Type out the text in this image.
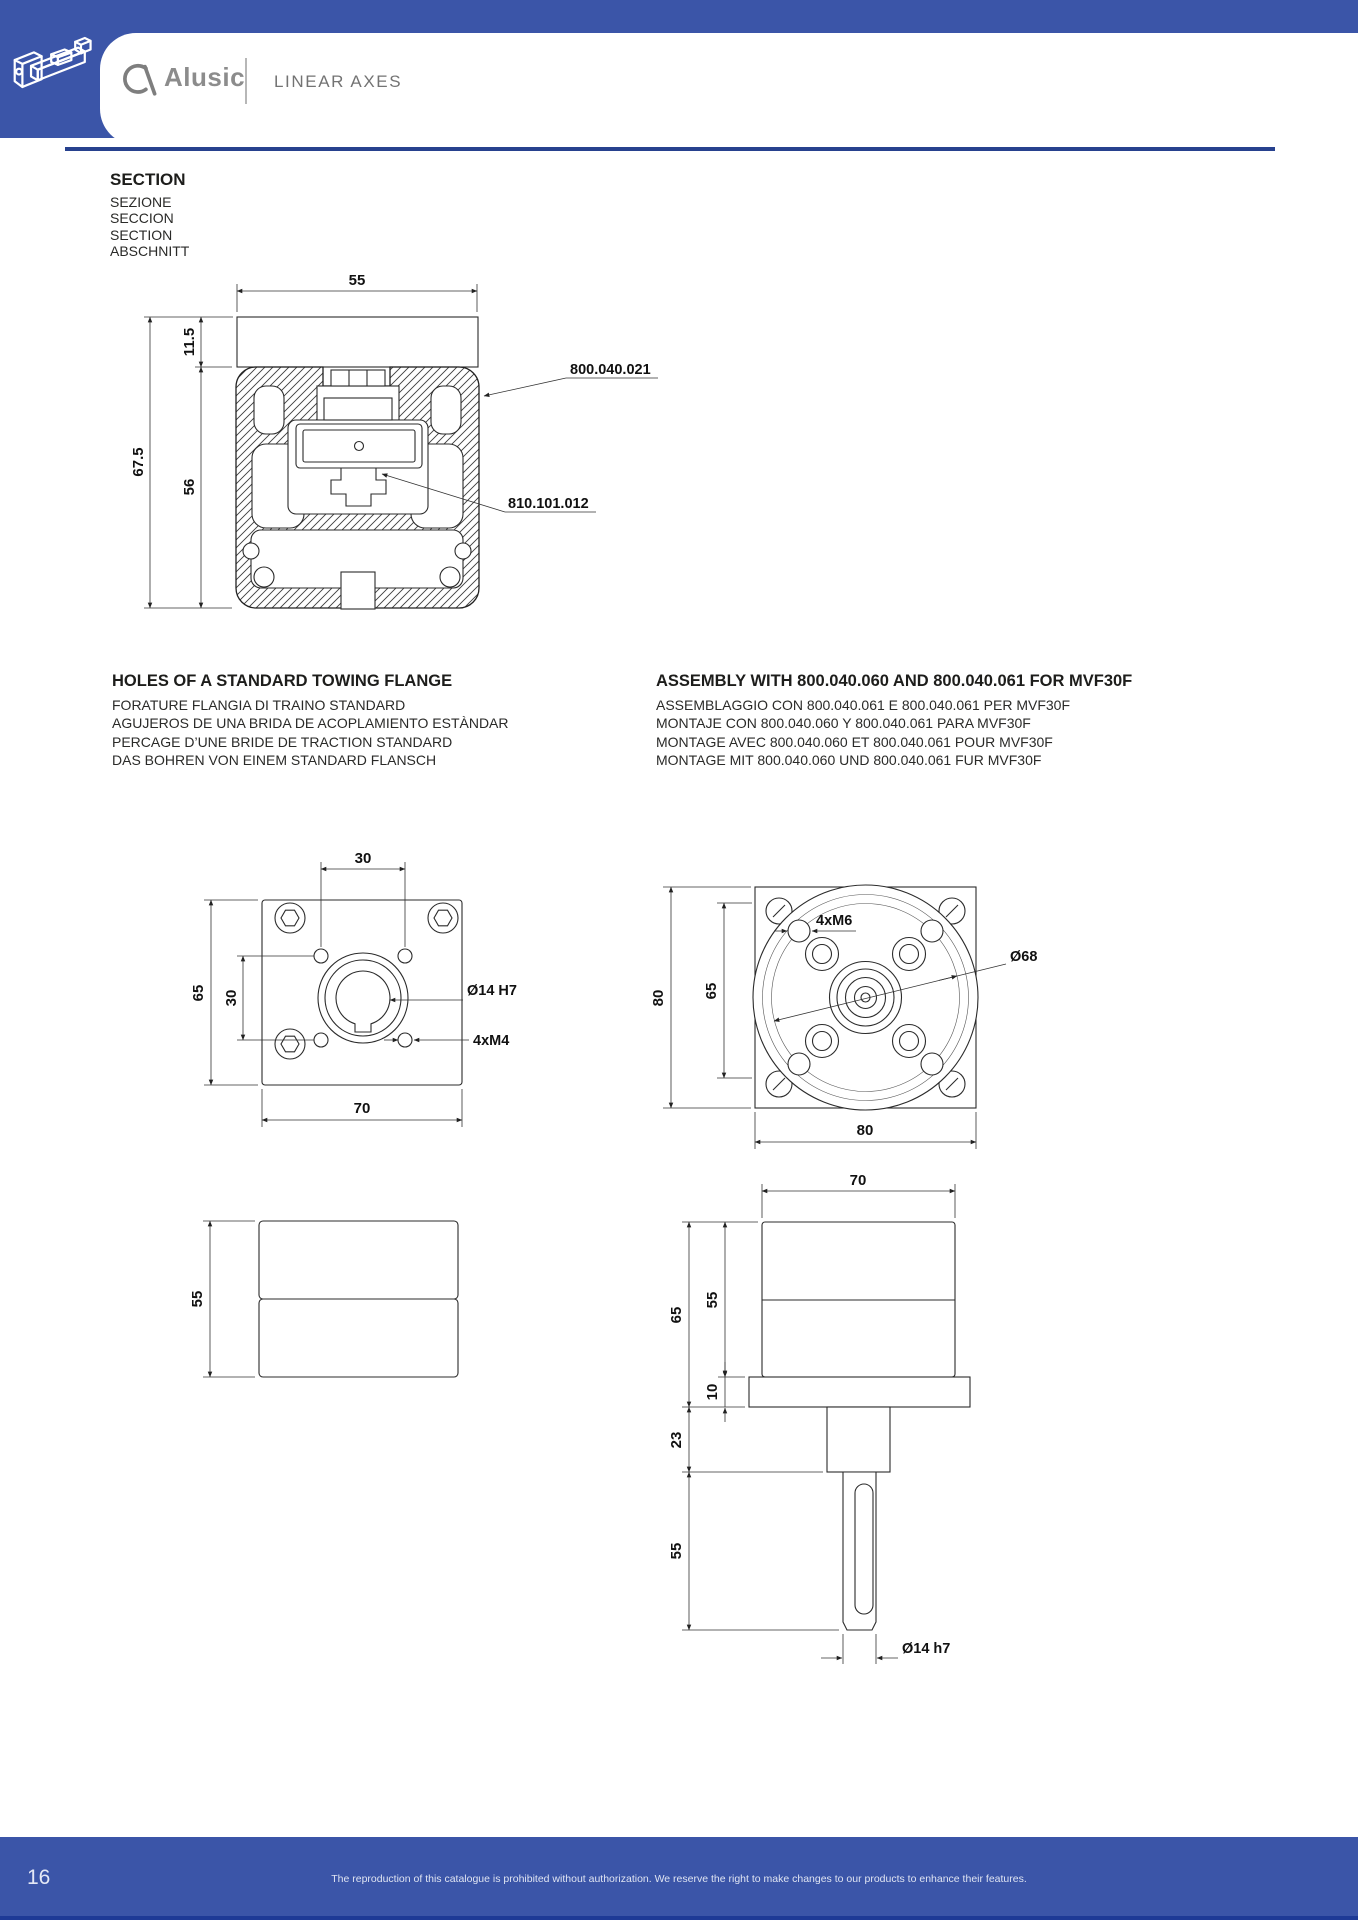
Alusic LINEAR AXES
SECTION
SEZIONE
SECCION
SECTION
ABSCHNITT
HOLES OF A STANDARD TOWING FLANGE
FORATURE FLANGIA DI TRAINO STANDARD
AGUJEROS DE UNA BRIDA DE ACOPLAMIENTO ESTÀNDAR
PERCAGE D’UNE BRIDE DE TRACTION STANDARD
DAS BOHREN VON EINEM STANDARD FLANSCH
ASSEMBLY WITH 800.040.060 AND 800.040.061 FOR MVF30F
ASSEMBLAGGIO CON 800.040.061 E 800.040.061 PER MVF30F
MONTAJE CON 800.040.060 Y 800.040.061 PARA MVF30F
MONTAGE AVEC 800.040.060 ET 800.040.061 POUR MVF30F
MONTAGE MIT 800.040.060 UND 800.040.061 FUR MVF30F
55
67.5
11.5
56
800.040.021
810.101.012
30
65 30
70
Ø14 H7
4xM4
55
Ø68
4xM6
80 65
80
70
65
55
10
23
55
Ø14 h7
16	The reproduction of this catalogue is prohibited without authorization. We reserve the right to make changes to our products to enhance their features.
